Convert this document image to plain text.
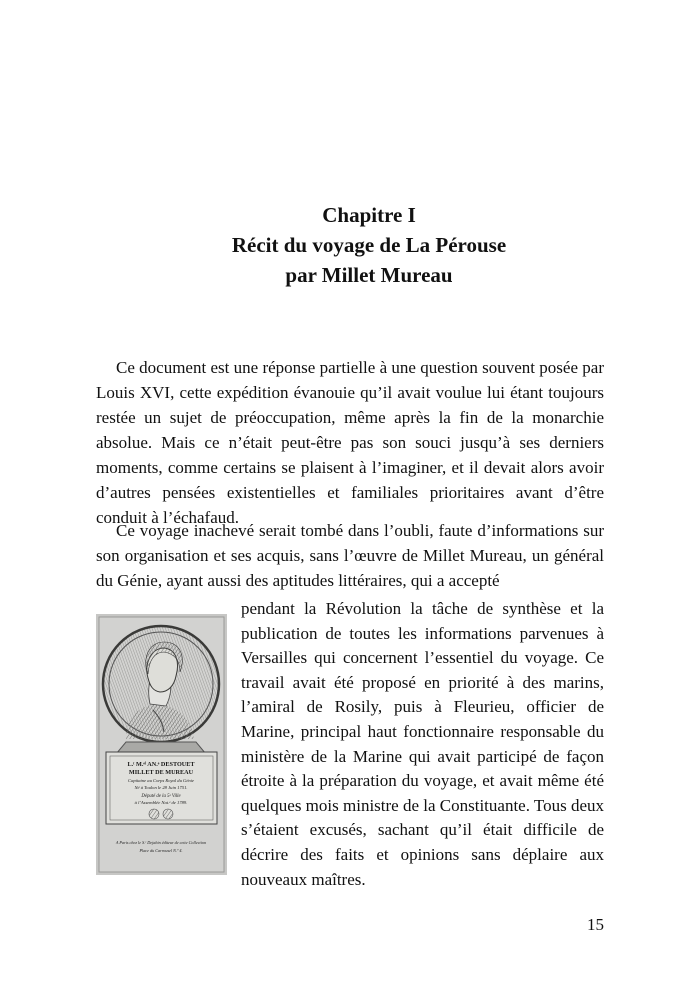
Chapitre I
Récit du voyage de La Pérouse
par Millet Mureau

Ce document est une réponse partielle à une question souvent posée par Louis XVI, cette expédition évanouie qu’il avait voulue lui étant toujours restée un sujet de préoccupation, même après la fin de la monarchie absolue. Mais ce n’était peut-être pas son souci jusqu’à ses derniers moments, comme certains se plaisent à l’imaginer, et il devait alors avoir d’autres pensées existentielles et familiales prioritaires avant d’être conduit à l’échafaud.

Ce voyage inachevé serait tombé dans l’oubli, faute d’informations sur son organisation et ses acquis, sans l’œuvre de Millet Mureau, un général du Génie, ayant aussi des aptitudes littéraires, qui a accepté

L.ᵗ M.ᵉˡ AN.ᵉ DESTOUET
MILLET DE MUREAU
Capitaine au Corps Royal du Génie
Né à Toulon le 28 Juin 1751.
Député de la 5ᵉ Ville
à l’Assemblée Nat.ᵉ de 1789.
A Paris chez le S.ʳ Dejabin éditeur de cette Collection
Place du Carrousel N.º 4.

pendant la Révolution la tâche de synthèse et la publication de toutes les informations parvenues à Versailles qui concernent l’essentiel du voyage. Ce travail avait été proposé en priorité à des marins, l’amiral de Rosily, puis à Fleurieu, officier de Marine, principal haut fonctionnaire responsable du ministère de la Marine qui avait participé de façon étroite à la préparation du voyage, et avait même été quelques mois ministre de la Constituante. Tous deux s’étaient excusés, sachant qu’il était difficile de décrire des faits et opinions sans déplaire aux nouveaux maîtres.

15
